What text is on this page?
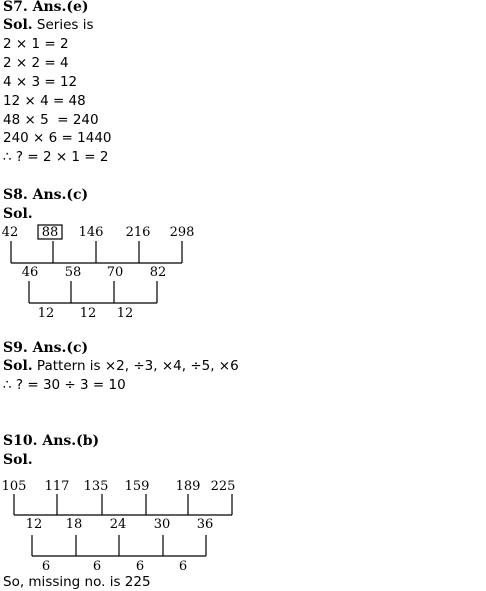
S7. Ans.(e)
Sol. Series is
2 × 1 = 2
2 × 2 = 4
4 × 3 = 12
12 × 4 = 48
48 × 5  = 240
240 × 6 = 1440
∴ ? = 2 × 1 = 2
S8. Ans.(c)
Sol.
42 88 146 216 298
46 58 70 82
12 12 12
105 117 135 159 189 225
12 18 24 30 36
6	6	6	6
S9. Ans.(c)
Sol. Pattern is ×2, ÷3, ×4, ÷5, ×6
∴ ? = 30 ÷ 3 = 10
S10. Ans.(b)
Sol.
So, missing no. is 225
